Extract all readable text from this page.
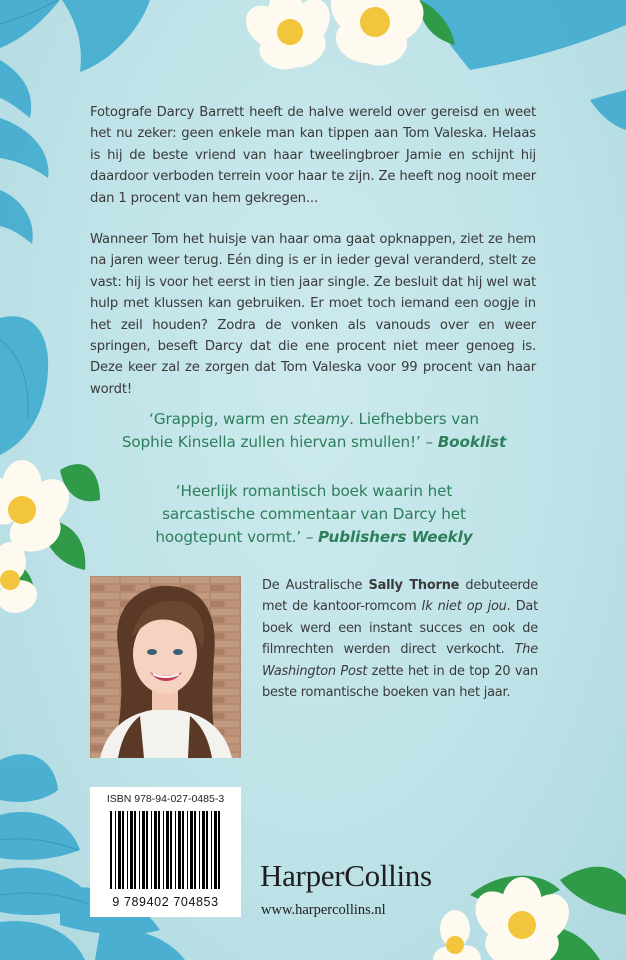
Fotografe Darcy Barrett heeft de halve wereld over gereisd en weet het nu zeker: geen enkele man kan tippen aan Tom Valeska. Helaas is hij de beste vriend van haar tweelingbroer Jamie en schijnt hij daardoor verboden terrein voor haar te zijn. Ze heeft nog nooit meer dan 1 procent van hem gekregen...

Wanneer Tom het huisje van haar oma gaat opknappen, ziet ze hem na jaren weer terug. Eén ding is er in ieder geval veranderd, stelt ze vast: hij is voor het eerst in tien jaar single. Ze besluit dat hij wel wat hulp met klussen kan gebruiken. Er moet toch iemand een oogje in het zeil houden? Zodra de vonken als vanouds over en weer springen, beseft Darcy dat die ene procent niet meer genoeg is. Deze keer zal ze zorgen dat Tom Valeska voor 99 procent van haar wordt!

‘Grappig, warm en steamy. Liefhebbers van
Sophie Kinsella zullen hiervan smullen!’ – Booklist
‘Heerlijk romantisch boek waarin het
sarcastische commentaar van Darcy het
hoogtepunt vormt.’ – Publishers Weekly
De Australische Sally Thorne debuteerde met de kantoor-romcom Ik niet op jou. Dat boek werd een instant succes en ook de filmrechten werden direct verkocht. The Washington Post zette het in de top 20 van beste romantische boeken van het jaar.
ISBN 978-94-027-0485-3
9 789402 704853
HarperCollins
www.harpercollins.nl
